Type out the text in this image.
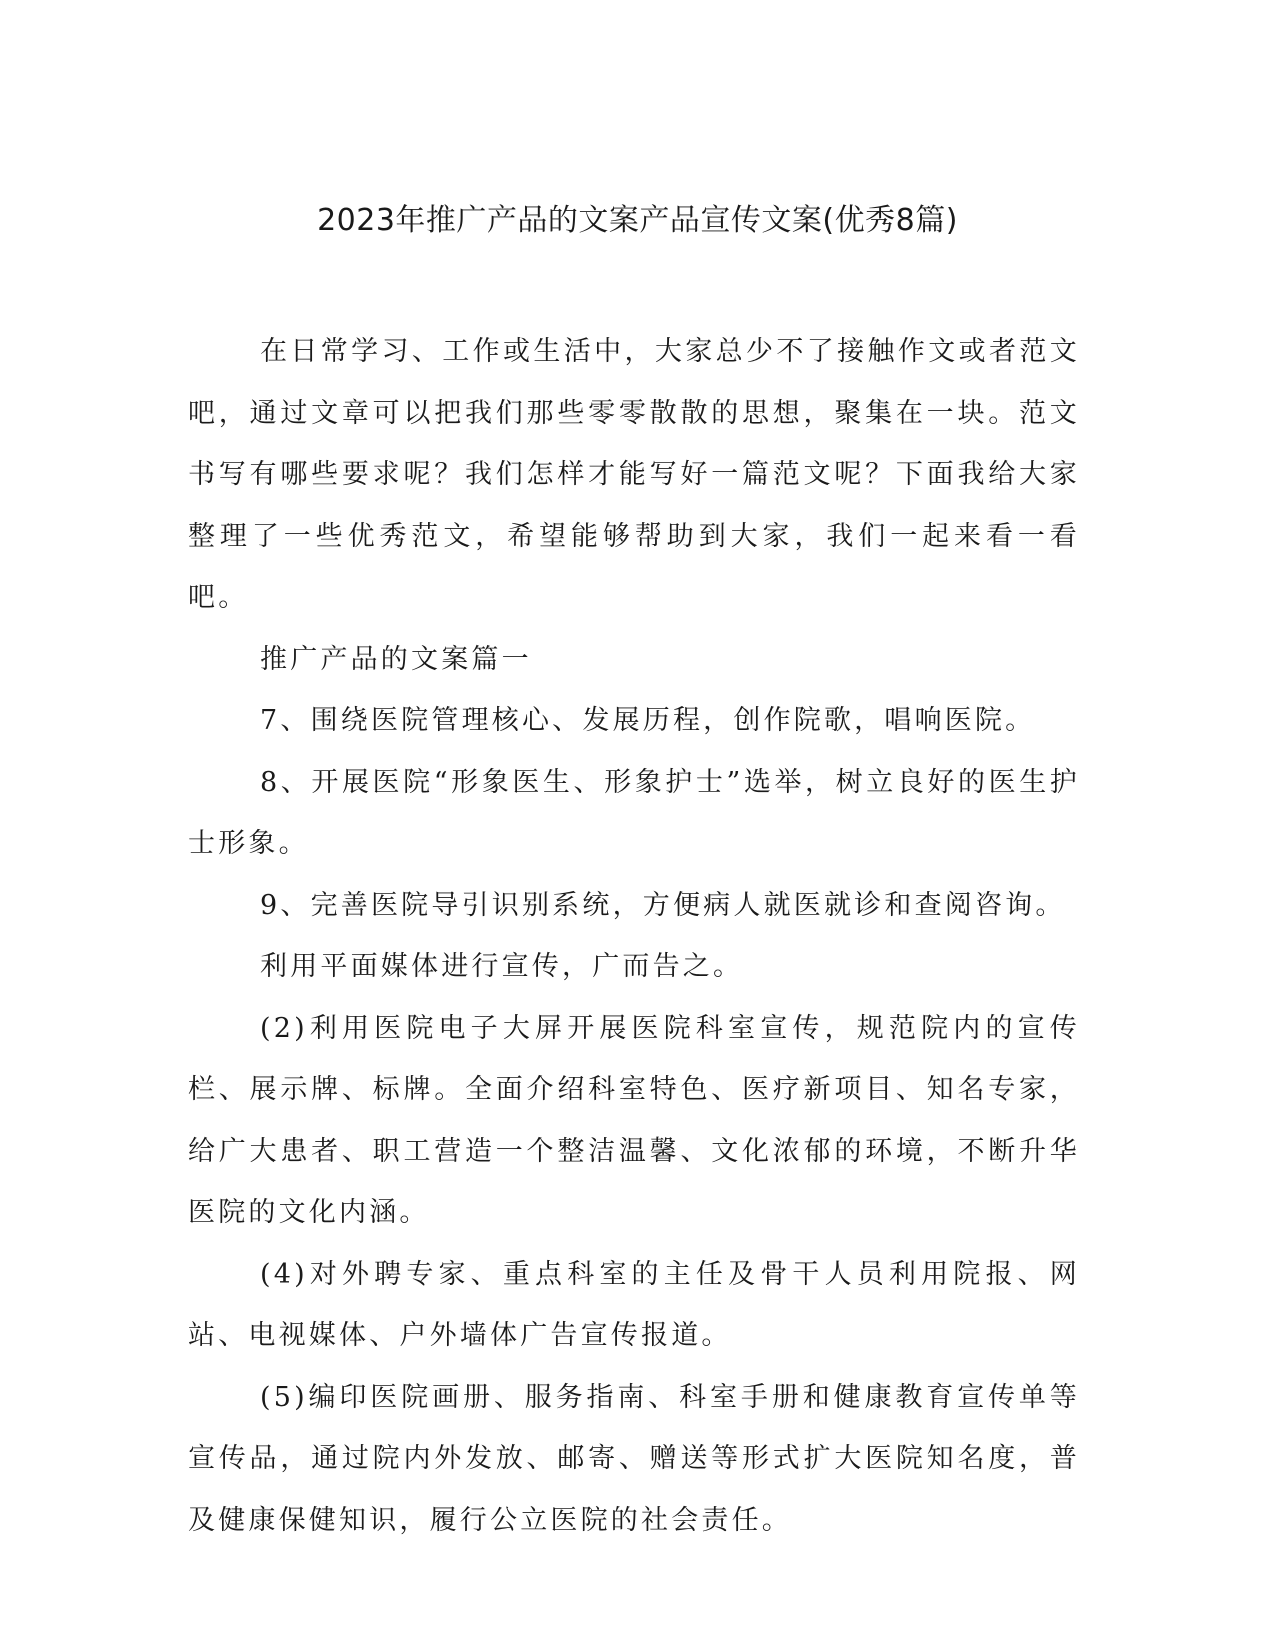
2023年推广产品的文案产品宣传文案(优秀8篇)

在日常学习、工作或生活中，大家总少不了接触作文或者范文吧，通过文章可以把我们那些零零散散的思想，聚集在一块。范文书写有哪些要求呢？我们怎样才能写好一篇范文呢？下面我给大家整理了一些优秀范文，希望能够帮助到大家，我们一起来看一看吧。

推广产品的文案篇一

7、围绕医院管理核心、发展历程，创作院歌，唱响医院。

8、开展医院“形象医生、形象护士”选举，树立良好的医生护士形象。

9、完善医院导引识别系统，方便病人就医就诊和查阅咨询。

利用平面媒体进行宣传，广而告之。

(2)利用医院电子大屏开展医院科室宣传，规范院内的宣传栏、展示牌、标牌。全面介绍科室特色、医疗新项目、知名专家，给广大患者、职工营造一个整洁温馨、文化浓郁的环境，不断升华医院的文化内涵。

(4)对外聘专家、重点科室的主任及骨干人员利用院报、网站、电视媒体、户外墙体广告宣传报道。

(5)编印医院画册、服务指南、科室手册和健康教育宣传单等宣传品，通过院内外发放、邮寄、赠送等形式扩大医院知名度，普及健康保健知识，履行公立医院的社会责任。
